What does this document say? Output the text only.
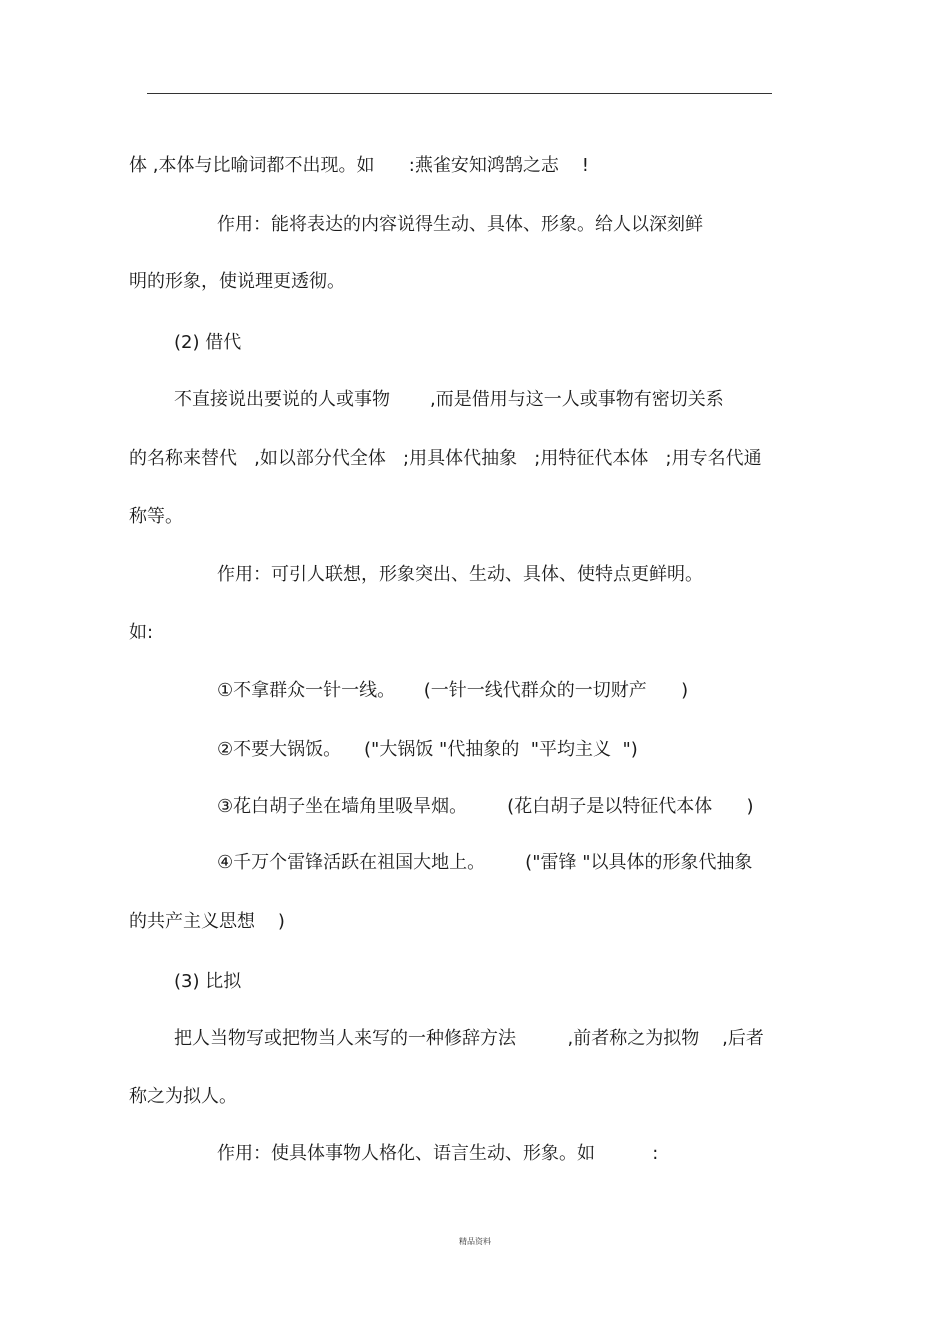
体 ,本体与比喻词都不出现。如      :燕雀安知鸿鹄之志    !
作用：能将表达的内容说得生动、具体、形象。给人以深刻鲜
明的形象，使说理更透彻。
(2) 借代
不直接说出要说的人或事物       ,而是借用与这一人或事物有密切关系
的名称来替代   ,如以部分代全体   ;用具体代抽象   ;用特征代本体   ;用专名代通
称等。
作用：可引人联想，形象突出、生动、具体、使特点更鲜明。
如:
①不拿群众一针一线。     (一针一线代群众的一切财产      )
②不要大锅饭。    ("大锅饭 "代抽象的  "平均主义  ")
③花白胡子坐在墙角里吸旱烟。       (花白胡子是以特征代本体      )
④千万个雷锋活跃在祖国大地上。       ("雷锋 "以具体的形象代抽象
的共产主义思想    )
(3) 比拟
把人当物写或把物当人来写的一种修辞方法         ,前者称之为拟物    ,后者
称之为拟人。
作用：使具体事物人格化、语言生动、形象。如          :
精品资料
